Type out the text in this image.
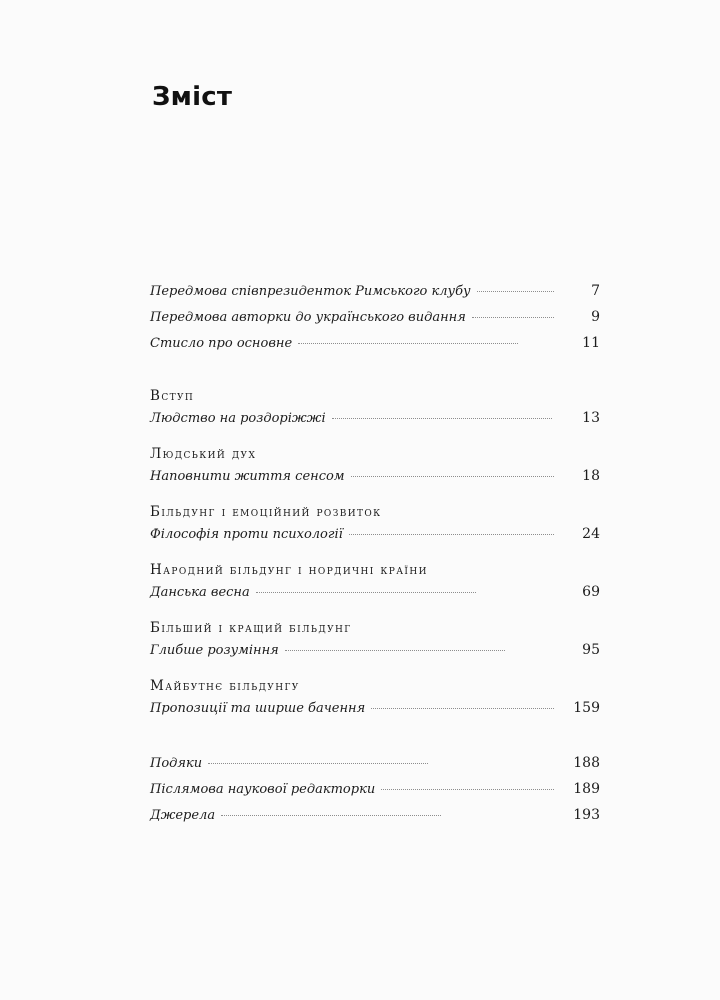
Зміст
Передмова співпрезиденток Римського клубу	7
Передмова авторки до українського видання	9
Стисло про основне	11
Вступ
Людство на роздоріжжі	13
Людський дух
Наповнити життя сенсом	18
Більдунг і емоційний розвиток
Філософія проти психології	24
Народний більдунг і нордичні країни
Данська весна	69
Більший і кращий більдунг
Глибше розуміння	95
Майбутнє більдунгу
Пропозиції та ширше бачення	159
Подяки	188
Післямова наукової редакторки	189
Джерела	193
